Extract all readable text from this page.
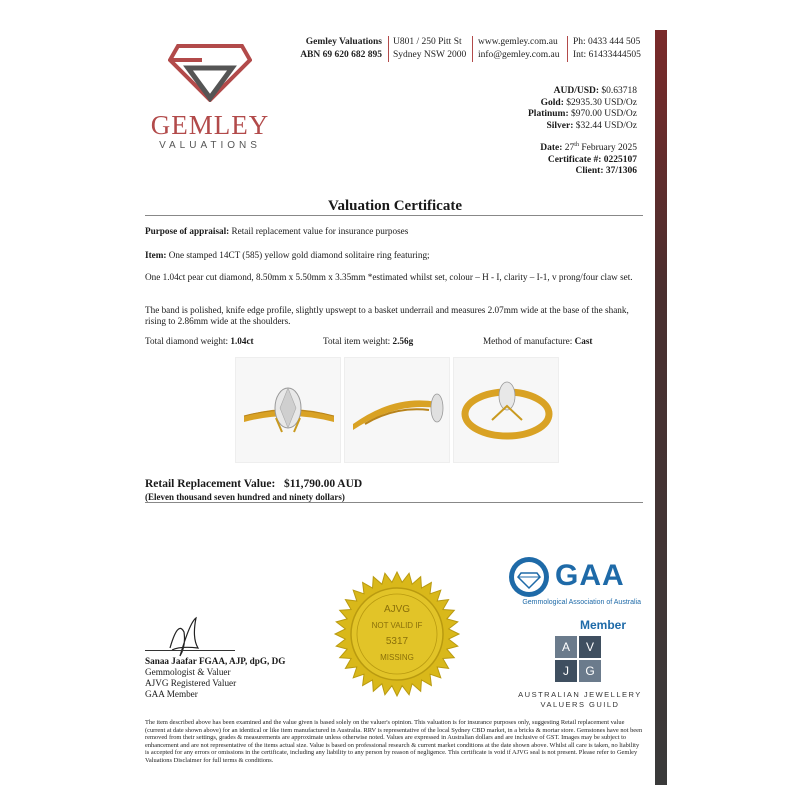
GEMLEY
VALUATIONS
Gemley Valuations
ABN 69 620 682 895
U801 / 250 Pitt St
Sydney NSW 2000
www.gemley.com.au
info@gemley.com.au
Ph: 0433 444 505
Int: 61433444505
AUD/USD: $0.63718
Gold: $2935.30 USD/Oz
Platinum: $970.00 USD/Oz
Silver: $32.44 USD/Oz
Date: 27th February 2025
Certificate #: 0225107
Client: 37/1306
Valuation Certificate
Purpose of appraisal: Retail replacement value for insurance purposes
Item: One stamped 14CT (585) yellow gold diamond solitaire ring featuring;
One 1.04ct pear cut diamond, 8.50mm x 5.50mm x 3.35mm *estimated whilst set, colour – H - I, clarity – I-1, v prong/four claw set.
The band is polished, knife edge profile, slightly upswept to a basket underrail and measures 2.07mm wide at the base of the shank, rising to 2.86mm wide at the shoulders.
Total diamond weight: 1.04ct	Total item weight: 2.56g	Method of manufacture: Cast
Retail Replacement Value: $11,790.00 AUD
(Eleven thousand seven hundred and ninety dollars)
AJVG
NOT VALID IF
5317
MISSING
GAA
Gemmological Association of Australia
Member
A	V
J	G
AUSTRALIAN JEWELLERY
VALUERS GUILD
Sanaa Jaafar FGAA, AJP, dpG, DG
Gemmologist & Valuer
AJVG Registered Valuer
GAA Member
The item described above has been examined and the value given is based solely on the valuer's opinion. This valuation is for insurance purposes only, suggesting Retail replacement value (current at date shown above) for an identical or like item manufactured in Australia. RRV is representative of the local Sydney CBD market, in a bricks & mortar store. Gemstones have not been removed from their settings, grades & measurements are approximate unless otherwise noted. Values are expressed in Australian dollars and are inclusive of GST. Images may be subject to enhancement and are not representative of the items actual size. Value is based on professional research & current market conditions at the date shown above. Whilst all care is taken, no liability is accepted for any errors or omissions in the certificate, including any liability to any person by reason of negligence. This certificate is void if AJVG seal is not present. Please refer to Gemley Valuations Disclaimer for full terms & conditions.
